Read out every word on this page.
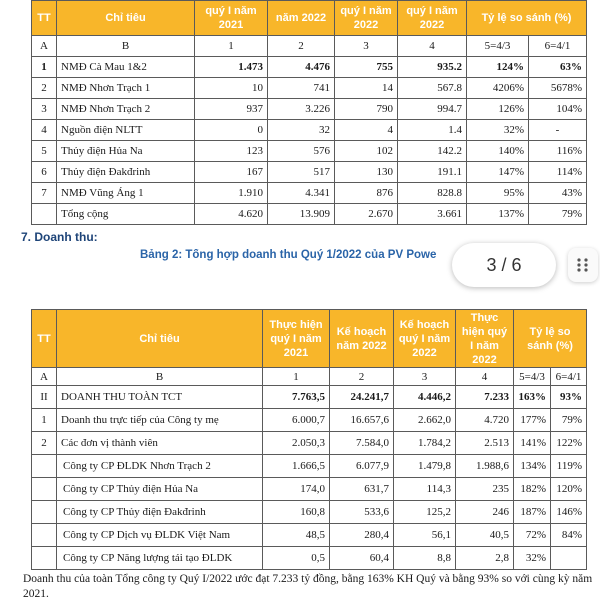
TT	Chỉ tiêu	quý I năm 2021	năm 2022	quý I năm 2022	quý I năm 2022	Tỷ lệ so sánh (%)	
A	B	1	2	3	4	5=4/3	6=4/1
1	NMĐ Cà Mau 1&2	1.473	4.476	755	935.2	124%	63%
2	NMĐ Nhơn Trạch 1	10	741	14	567.8	4206%	5678%
3	NMĐ Nhơn Trạch 2	937	3.226	790	994.7	126%	104%
4	Nguồn điện NLTT	0	32	4	1.4	32%	-
5	Thủy điện Hủa Na	123	576	102	142.2	140%	116%
6	Thủy điện Đakđrinh	167	517	130	191.1	147%	114%
7	NMĐ Vũng Áng 1	1.910	4.341	876	828.8	95%	43%
	Tổng cộng	4.620	13.909	2.670	3.661	137%	79%
7. Doanh thu:
Bảng 2: Tổng hợp doanh thu Quý 1/2022 của PV Powe	3 / 6
TT	Chỉ tiêu	Thực hiện quý I năm 2021	Kế hoạch năm 2022	Kế hoạch quý I năm 2022	Thực hiện quý I năm 2022	Tỷ lệ so sánh (%)	
A	B	1	2	3	4	5=4/3	6=4/1
II	DOANH THU TOÀN TCT	7.763,5	24.241,7	4.446,2	7.233	163%	93%
1	Doanh thu trực tiếp của Công ty mẹ	6.000,7	16.657,6	2.662,0	4.720	177%	79%
2	Các đơn vị thành viên	2.050,3	7.584,0	1.784,2	2.513	141%	122%
	Công ty CP ĐLDK Nhơn Trạch 2	1.666,5	6.077,9	1.479,8	1.988,6	134%	119%
	Công ty CP Thủy điện Hủa Na	174,0	631,7	114,3	235	182%	120%
	Công ty CP Thủy điện Đakđrinh	160,8	533,6	125,2	246	187%	146%
	Công ty CP Dịch vụ ĐLDK Việt Nam	48,5	280,4	56,1	40,5	72%	84%
	Công ty CP Năng lượng tái tạo ĐLDK	0,5	60,4	8,8	2,8	32%	

Doanh thu của toàn Tổng công ty Quý I/2022 ước đạt 7.233 tỷ đồng, bằng 163% KH Quý và bằng 93% so với cùng kỳ năm 2021.
